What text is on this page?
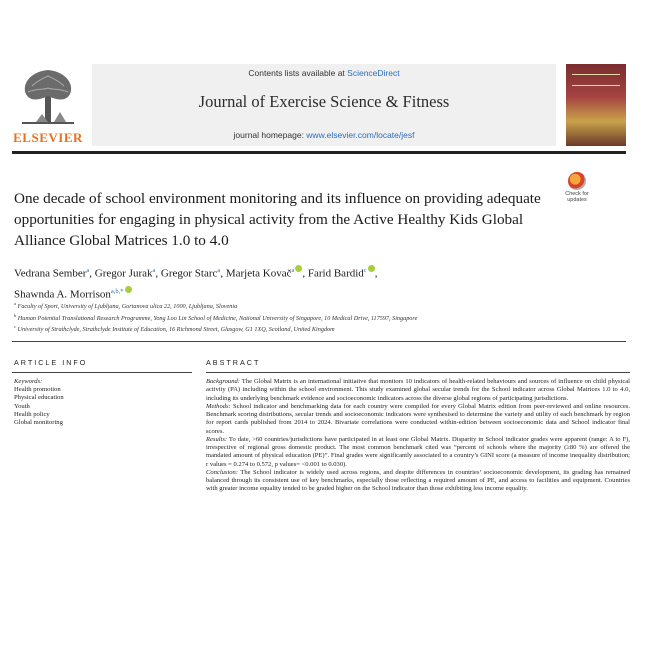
ELSEVIER
Contents lists available at ScienceDirect
Journal of Exercise Science & Fitness
journal homepage: www.elsevier.com/locate/jesf
Check for
updates
One decade of school environment monitoring and its influence on providing adequate opportunities for engaging in physical activity from the Active Healthy Kids Global Alliance Global Matrices 1.0 to 4.0
Vedrana Sember$^a$, Gregor Jurak$^a$, Gregor Starc$^a$, Marjeta Kovač$^a$ , Farid Bardid$^c$ ,
Shawnda A. Morrison$^{a,b,*}$
$^a$ Faculty of Sport, University of Ljubljana, Gortanova ulica 22, 1000, Ljubljana, Slovenia
$^b$ Human Potential Translational Research Programme, Yong Loo Lin School of Medicine, National University of Singapore, 10 Medical Drive, 117597, Singapore
$^c$ University of Strathclyde, Strathclyde Institute of Education, 16 Richmond Street, Glasgow, G1 1XQ, Scotland, United Kingdom
ARTICLE INFO	ABSTRACT
Keywords:
Health promotion
Physical education
Youth
Health policy
Global monitoring

Background: The Global Matrix is an international initiative that monitors 10 indicators of health-related behaviours and sources of influence on child physical activity (PA) including within the school environment. This study examined global secular trends for the School indicator across Global Matrices 1.0 to 4.0, including its underlying benchmark evidence and socioeconomic indicators across the diverse global regions of participating jurisdictions.

Methods: School indicator and benchmarking data for each country were compiled for every Global Matrix edition from peer-reviewed and online resources. Benchmark scoring distributions, secular trends and socioeconomic indicators were synthesised to determine the variety and utility of each benchmark by region for report cards published from 2014 to 2024. Bivariate correlations were conducted within-edition between socioeconomic data and School indicator final scores.

Results: To date, >60 countries/jurisdictions have participated in at least one Global Matrix. Disparity in School indicator grades were apparent (range: A to F), irrespective of regional gross domestic product. The most common benchmark cited was “percent of schools where the majority (≥80 %) are offered the mandated amount of physical education (PE)”. Final grades were significantly associated to a country’s GINI score (a measure of income inequality distribution; r values = 0.274 to 0.572, p values= <0.001 to 0.030).

Conclusion: The School indicator is widely used across regions, and despite differences in countries’ socioeconomic development, its grading has remained balanced through its consistent use of key benchmarks, especially those reflecting a required amount of PE, and access to facilities and equipment. Countries with greater income equality tended to be graded higher on the School indicator than those exhibiting less income equality.
